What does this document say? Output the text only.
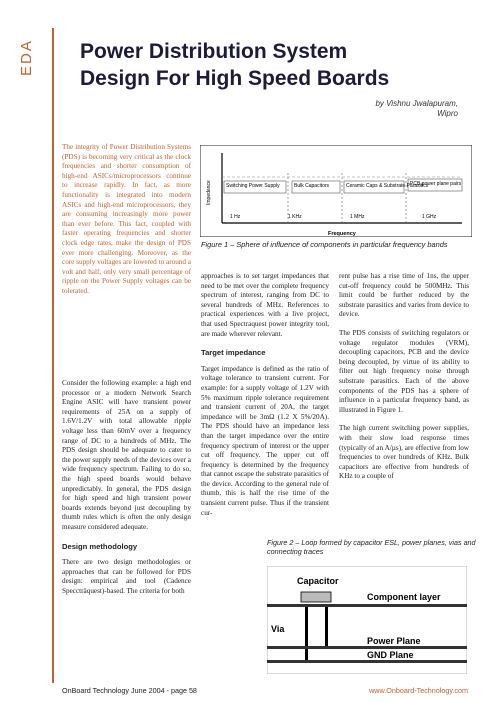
EDA Power Distribution System
Design For High Speed Boards
by Vishnu Jwalapuram,
Wipro
The integrity of Power Distribution Systems (PDS) is becoming very critical as the clock frequencies and shorter consumption of high-end ASICs/microprocessors continue to increase rapidly. In fact, as more functionality is integrated into modern ASICs and high-end microprocessors, they are consuming increasingly more power than ever before. This fact, coupled with faster operating frequencies and shorter clock edge rates, make the design of PDS ever more challenging. Moreover, as the core supply voltages are lowered to around a volt and half, only very small percentage of ripple on the Power Supply voltages can be tolerated.

Consider the following example: a high end processor or a modern Network Search Engine ASIC will have transient power requirements of 25A on a supply of 1.6V/1.2V with total allowable ripple voltage less than 60mV over a frequency range of DC to a hundreds of MHz. The PDS design should be adequate to cater to the power supply needs of the devices over a wide frequency spectrum. Failing to do so, the high speed boards would behave unpredictably. In general, the PDS design for high speed and high transient power boards extends beyond just decoupling by thumb rules which is often the only design measure considered adequate.

Design methodology

There are two design methodologies or approaches that can be followed for PDS design: empirical and tool (Cadence Speccträquest)-based. The criteria for both

Impedance
Frequency
Switching Power Supply	Bulk Capacitors	Ceramic Caps & Substrate Parasitics
PCB power plane pairs
1 Hz	1 KHz	1 MHz	1 GHz
Figure 1 – Sphere of influence of components in particular frequency bands

approaches is to set target impedances that need to be met over the complete frequency spectrum of interest, ranging from DC to several hundreds of MHz. References to practical experiences with a live project, that used Spectraquest power integrity tool, are made wherever relevant.

Target impedance

Target impedance is defined as the ratio of voltage tolerance to transient current. For example: for a supply voltage of 1.2V with 5% maximum ripple tolerance requirement and transient current of 20A, the target impedance will be 3mΩ (1.2 X 5%/20A). The PDS should have an impedance less than the target impedance over the entire frequency spectrum of interest or the upper cut off frequency. The upper cut off frequency is determined by the frequency that cannot escape the substrate parasitics of the device. According to the general rule of thumb, this is half the rise time of the transient current pulse. Thus if the transient cur-

rent pulse has a rise time of 1ns, the upper cut-off frequency could be 500MHz. This limit could be further reduced by the substrate parasitics and varies from device to device.

The PDS consists of switching regulators or voltage regulator modules (VRM), decoupling capacitors, PCB and the device being decoupled, by virtue of its ability to filter out high frequency noise through substrate parasitics. Each of the above components of the PDS has a sphere of influence in a particular frequency band, as illustrated in Figure 1.

The high current switching power supplies, with their slow load response times (typically of an A/µs), are effective from low frequencies to over hundreds of KHz. Bulk capacitors are effective from hundreds of KHz to a couple of

Figure 2 – Loop formed by capacitor ESL, power planes, vias and connecting traces
Capacitor
Component layer
Via
Power Plane
GND Plane
OnBoard Technology June 2004 - page 58	www.Onboard-Technology.com
